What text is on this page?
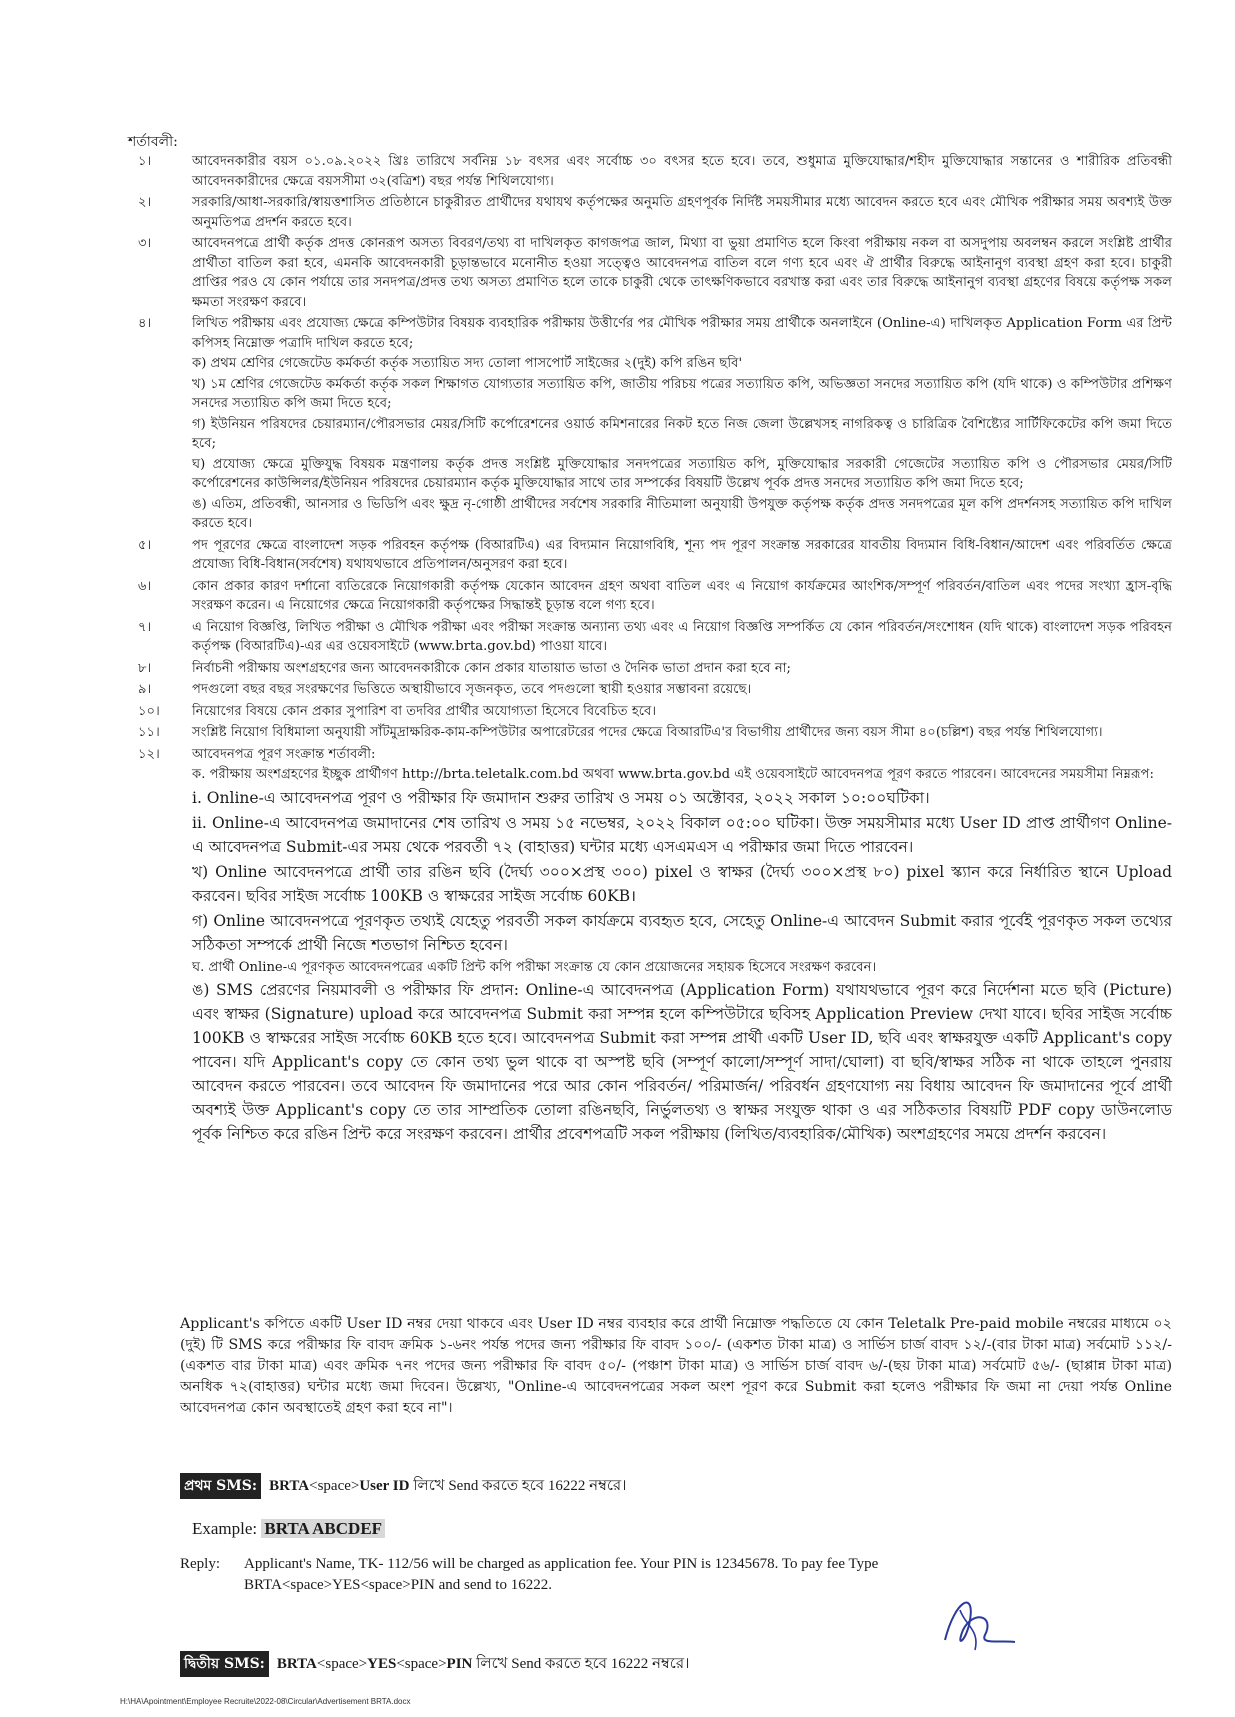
শর্তাবলী:
১।	আবেদনকারীর বয়স ০১.০৯.২০২২ খ্রিঃ তারিখে সর্বনিম্ন ১৮ বৎসর এবং সর্বোচ্চ ৩০ বৎসর হতে হবে। তবে, শুধুমাত্র মুক্তিযোদ্ধার/শহীদ মুক্তিযোদ্ধার সন্তানের ও শারীরিক প্রতিবন্ধী আবেদনকারীদের ক্ষেত্রে বয়সসীমা ৩২(বত্রিশ) বছর পর্যন্ত শিথিলযোগ্য।
২।	সরকারি/আধা-সরকারি/স্বায়ত্তশাসিত প্রতিষ্ঠানে চাকুরীরত প্রার্থীদের যথাযথ কর্তৃপক্ষের অনুমতি গ্রহণপূর্বক নির্দিষ্ট সময়সীমার মধ্যে আবেদন করতে হবে এবং মৌখিক পরীক্ষার সময় অবশ্যই উক্ত অনুমতিপত্র প্রদর্শন করতে হবে।
৩।	আবেদনপত্রে প্রার্থী কর্তৃক প্রদত্ত কোনরূপ অসত্য বিবরণ/তথ্য বা দাখিলকৃত কাগজপত্র জাল, মিথ্যা বা ভুয়া প্রমাণিত হলে কিংবা পরীক্ষায় নকল বা অসদুপায় অবলম্বন করলে সংশ্লিষ্ট প্রার্থীর প্রার্থীতা বাতিল করা হবে, এমনকি আবেদনকারী চূড়ান্তভাবে মনোনীত হওয়া সত্ত্বেও আবেদনপত্র বাতিল বলে গণ্য হবে এবং ঐ প্রার্থীর বিরুদ্ধে আইনানুগ ব্যবস্থা গ্রহণ করা হবে। চাকুরী প্রাপ্তির পরও যে কোন পর্যায়ে তার সনদপত্র/প্রদত্ত তথ্য অসত্য প্রমাণিত হলে তাকে চাকুরী থেকে তাৎক্ষণিকভাবে বরখাস্ত করা এবং তার বিরুদ্ধে আইনানুগ ব্যবস্থা গ্রহণের বিষয়ে কর্তৃপক্ষ সকল ক্ষমতা সংরক্ষণ করবে।
৪।	লিখিত পরীক্ষায় এবং প্রযোজ্য ক্ষেত্রে কম্পিউটার বিষয়ক ব্যবহারিক পরীক্ষায় উত্তীর্ণের পর মৌখিক পরীক্ষার সময় প্রার্থীকে অনলাইনে (Online-এ) দাখিলকৃত Application Form এর প্রিন্ট কপিসহ নিম্নোক্ত পত্রাদি দাখিল করতে হবে;
ক) প্রথম শ্রেণির গেজেটেড কর্মকর্তা কর্তৃক সত্যায়িত সদ্য তোলা পাসপোর্ট সাইজের ২(দুই) কপি রঙিন ছবি'
খ) ১ম শ্রেণির গেজেটেড কর্মকর্তা কর্তৃক সকল শিক্ষাগত যোগ্যতার সত্যায়িত কপি, জাতীয় পরিচয় পত্রের সত্যায়িত কপি, অভিজ্ঞতা সনদের সত্যায়িত কপি (যদি থাকে) ও কম্পিউটার প্রশিক্ষণ সনদের সত্যায়িত কপি জমা দিতে হবে;
গ) ইউনিয়ন পরিষদের চেয়ারম্যান/পৌরসভার মেয়র/সিটি কর্পোরেশনের ওয়ার্ড কমিশনারের নিকট হতে নিজ জেলা উল্লেখসহ নাগরিকত্ব ও চারিত্রিক বৈশিষ্ট্যের সার্টিফিকেটের কপি জমা দিতে হবে;
ঘ) প্রযোজ্য ক্ষেত্রে মুক্তিযুদ্ধ বিষয়ক মন্ত্রণালয় কর্তৃক প্রদত্ত সংশ্লিষ্ট মুক্তিযোদ্ধার সনদপত্রের সত্যায়িত কপি, মুক্তিযোদ্ধার সরকারী গেজেটের সত্যায়িত কপি ও পৌরসভার মেয়র/সিটি কর্পোরেশনের কাউন্সিলর/ইউনিয়ন পরিষদের চেয়ারম্যান কর্তৃক মুক্তিযোদ্ধার সাথে তার সম্পর্কের বিষয়টি উল্লেখ পূর্বক প্রদত্ত সনদের সত্যায়িত কপি জমা দিতে হবে;
ঙ) এতিম, প্রতিবন্ধী, আনসার ও ভিডিপি এবং ক্ষুদ্র নৃ-গোষ্ঠী প্রার্থীদের সর্বশেষ সরকারি নীতিমালা অনুযায়ী উপযুক্ত কর্তৃপক্ষ কর্তৃক প্রদত্ত সনদপত্রের মূল কপি প্রদর্শনসহ সত্যায়িত কপি দাখিল করতে হবে।
৫।	পদ পূরণের ক্ষেত্রে বাংলাদেশ সড়ক পরিবহন কর্তৃপক্ষ (বিআরটিএ) এর বিদ্যমান নিয়োগবিধি, শূন্য পদ পূরণ সংক্রান্ত সরকারের যাবতীয় বিদ্যমান বিধি-বিধান/আদেশ এবং পরিবর্তিত ক্ষেত্রে প্রযোজ্য বিধি-বিধান(সর্বশেষ) যথাযথভাবে প্রতিপালন/অনুসরণ করা হবে।
৬।	কোন প্রকার কারণ দর্শানো ব্যতিরেকে নিয়োগকারী কর্তৃপক্ষ যেকোন আবেদন গ্রহণ অথবা বাতিল এবং এ নিয়োগ কার্যক্রমের আংশিক/সম্পূর্ণ পরিবর্তন/বাতিল এবং পদের সংখ্যা হ্রাস-বৃদ্ধি সংরক্ষণ করেন। এ নিয়োগের ক্ষেত্রে নিয়োগকারী কর্তৃপক্ষের সিদ্ধান্তই চূড়ান্ত বলে গণ্য হবে।
৭।	এ নিয়োগ বিজ্ঞপ্তি, লিখিত পরীক্ষা ও মৌখিক পরীক্ষা এবং পরীক্ষা সংক্রান্ত অন্যান্য তথ্য এবং এ নিয়োগ বিজ্ঞপ্তি সম্পর্কিত যে কোন পরিবর্তন/সংশোধন (যদি থাকে) বাংলাদেশ সড়ক পরিবহন কর্তৃপক্ষ (বিআরটিএ)-এর এর ওয়েবসাইটে (www.brta.gov.bd) পাওয়া যাবে।
৮।	নির্বাচনী পরীক্ষায় অংশগ্রহণের জন্য আবেদনকারীকে কোন প্রকার যাতায়াত ভাতা ও দৈনিক ভাতা প্রদান করা হবে না;
৯।	পদগুলো বছর বছর সংরক্ষণের ভিত্তিতে অস্থায়ীভাবে সৃজনকৃত, তবে পদগুলো স্থায়ী হওয়ার সম্ভাবনা রয়েছে।
১০।	নিয়োগের বিষয়ে কোন প্রকার সুপারিশ বা তদবির প্রার্থীর অযোগ্যতা হিসেবে বিবেচিত হবে।
১১।	সংশ্লিষ্ট নিয়োগ বিধিমালা অনুযায়ী সাঁটমুদ্রাক্ষরিক-কাম-কম্পিউটার অপারেটরের পদের ক্ষেত্রে বিআরটিএ'র বিভাগীয় প্রার্থীদের জন্য বয়স সীমা ৪০(চল্লিশ) বছর পর্যন্ত শিথিলযোগ্য।
১২।	আবেদনপত্র পূরণ সংক্রান্ত শর্তাবলী:
ক. পরীক্ষায় অংশগ্রহণের ইচ্ছুক প্রার্থীগণ http://brta.teletalk.com.bd অথবা www.brta.gov.bd এই ওয়েবসাইটে আবেদনপত্র পূরণ করতে পারবেন। আবেদনের সময়সীমা নিম্নরূপ:
i. Online-এ আবেদনপত্র পূরণ ও পরীক্ষার ফি জমাদান শুরুর তারিখ ও সময় ০১ অক্টোবর, ২০২২ সকাল ১০:০০ঘটিকা।
ii. Online-এ আবেদনপত্র জমাদানের শেষ তারিখ ও সময় ১৫ নভেম্বর, ২০২২ বিকাল ০৫:০০ ঘটিকা। উক্ত সময়সীমার মধ্যে User ID প্রাপ্ত প্রার্থীগণ Online-এ আবেদনপত্র Submit-এর সময় থেকে পরবর্তী ৭২ (বাহাত্তর) ঘন্টার মধ্যে এসএমএস এ পরীক্ষার জমা দিতে পারবেন।
খ) Online আবেদনপত্রে প্রার্থী তার রঙিন ছবি (দৈর্ঘ্য ৩০০×প্রস্থ ৩০০) pixel ও স্বাক্ষর (দৈর্ঘ্য ৩০০×প্রস্থ ৮০) pixel স্ক্যান করে নির্ধারিত স্থানে Upload করবেন। ছবির সাইজ সর্বোচ্চ 100KB ও স্বাক্ষরের সাইজ সর্বোচ্চ 60KB।
গ) Online আবেদনপত্রে পূরণকৃত তথ্যই যেহেতু পরবর্তী সকল কার্যক্রমে ব্যবহৃত হবে, সেহেতু Online-এ আবেদন Submit করার পূর্বেই পূরণকৃত সকল তথ্যের সঠিকতা সম্পর্কে প্রার্থী নিজে শতভাগ নিশ্চিত হবেন।
ঘ. প্রার্থী Online-এ পূরণকৃত আবেদনপত্রের একটি প্রিন্ট কপি পরীক্ষা সংক্রান্ত যে কোন প্রয়োজনের সহায়ক হিসেবে সংরক্ষণ করবেন।
ঙ) SMS প্রেরণের নিয়মাবলী ও পরীক্ষার ফি প্রদান: Online-এ আবেদনপত্র (Application Form) যথাযথভাবে পূরণ করে নির্দেশনা মতে ছবি (Picture) এবং স্বাক্ষর (Signature) upload করে আবেদনপত্র Submit করা সম্পন্ন হলে কম্পিউটারে ছবিসহ Application Preview দেখা যাবে। ছবির সাইজ সর্বোচ্চ 100KB ও স্বাক্ষরের সাইজ সর্বোচ্চ 60KB হতে হবে। আবেদনপত্র Submit করা সম্পন্ন প্রার্থী একটি User ID, ছবি এবং স্বাক্ষরযুক্ত একটি Applicant's copy পাবেন। যদি Applicant's copy তে কোন তথ্য ভুল থাকে বা অস্পষ্ট ছবি (সম্পূর্ণ কালো/সম্পূর্ণ সাদা/ঘোলা) বা ছবি/স্বাক্ষর সঠিক না থাকে তাহলে পুনরায় আবেদন করতে পারবেন। তবে আবেদন ফি জমাদানের পরে আর কোন পরিবর্তন/ পরিমার্জন/ পরিবর্ধন গ্রহণযোগ্য নয় বিধায় আবেদন ফি জমাদানের পূর্বে প্রার্থী অবশ্যই উক্ত Applicant's copy তে তার সাম্প্রতিক তোলা রঙিনছবি, নির্ভুলতথ্য ও স্বাক্ষর সংযুক্ত থাকা ও এর সঠিকতার বিষয়টি PDF copy ডাউনলোড পূর্বক নিশ্চিত করে রঙিন প্রিন্ট করে সংরক্ষণ করবেন। প্রার্থীর প্রবেশপত্রটি সকল পরীক্ষায় (লিখিত/ব্যবহারিক/মৌখিক) অংশগ্রহণের সময়ে প্রদর্শন করবেন।
Applicant's কপিতে একটি User ID নম্বর দেয়া থাকবে এবং User ID নম্বর ব্যবহার করে প্রার্থী নিম্নোক্ত পদ্ধতিতে যে কোন Teletalk Pre-paid mobile নম্বরের মাধ্যমে ০২ (দুই) টি SMS করে পরীক্ষার ফি বাবদ ক্রমিক ১-৬নং পর্যন্ত পদের জন্য পরীক্ষার ফি বাবদ ১০০/- (একশত টাকা মাত্র) ও সার্ভিস চার্জ বাবদ ১২/-(বার টাকা মাত্র) সর্বমোট ১১২/- (একশত বার টাকা মাত্র) এবং ক্রমিক ৭নং পদের জন্য পরীক্ষার ফি বাবদ ৫০/- (পঞ্চাশ টাকা মাত্র) ও সার্ভিস চার্জ বাবদ ৬/-(ছয় টাকা মাত্র) সর্বমোট ৫৬/- (ছাপ্পান্ন টাকা মাত্র) অনধিক ৭২(বাহাত্তর) ঘন্টার মধ্যে জমা দিবেন। উল্লেখ্য, "Online-এ আবেদনপত্রের সকল অংশ পূরণ করে Submit করা হলেও পরীক্ষার ফি জমা না দেয়া পর্যন্ত Online আবেদনপত্র কোন অবস্থাতেই গ্রহণ করা হবে না"।
প্রথম SMS: BRTA<space>User ID লিখে Send করতে হবে 16222 নম্বরে।
Example: BRTA ABCDEF
Reply:	Applicant's Name, TK- 112/56 will be charged as application fee. Your PIN is 12345678. To pay fee Type
BRTA<space>YES<space>PIN and send to 16222.
দ্বিতীয় SMS: BRTA<space>YES<space>PIN লিখে Send করতে হবে 16222 নম্বরে।
H:\HA\Apointment\Employee Recruite\2022-08\Circular\Advertisement BRTA.docx
